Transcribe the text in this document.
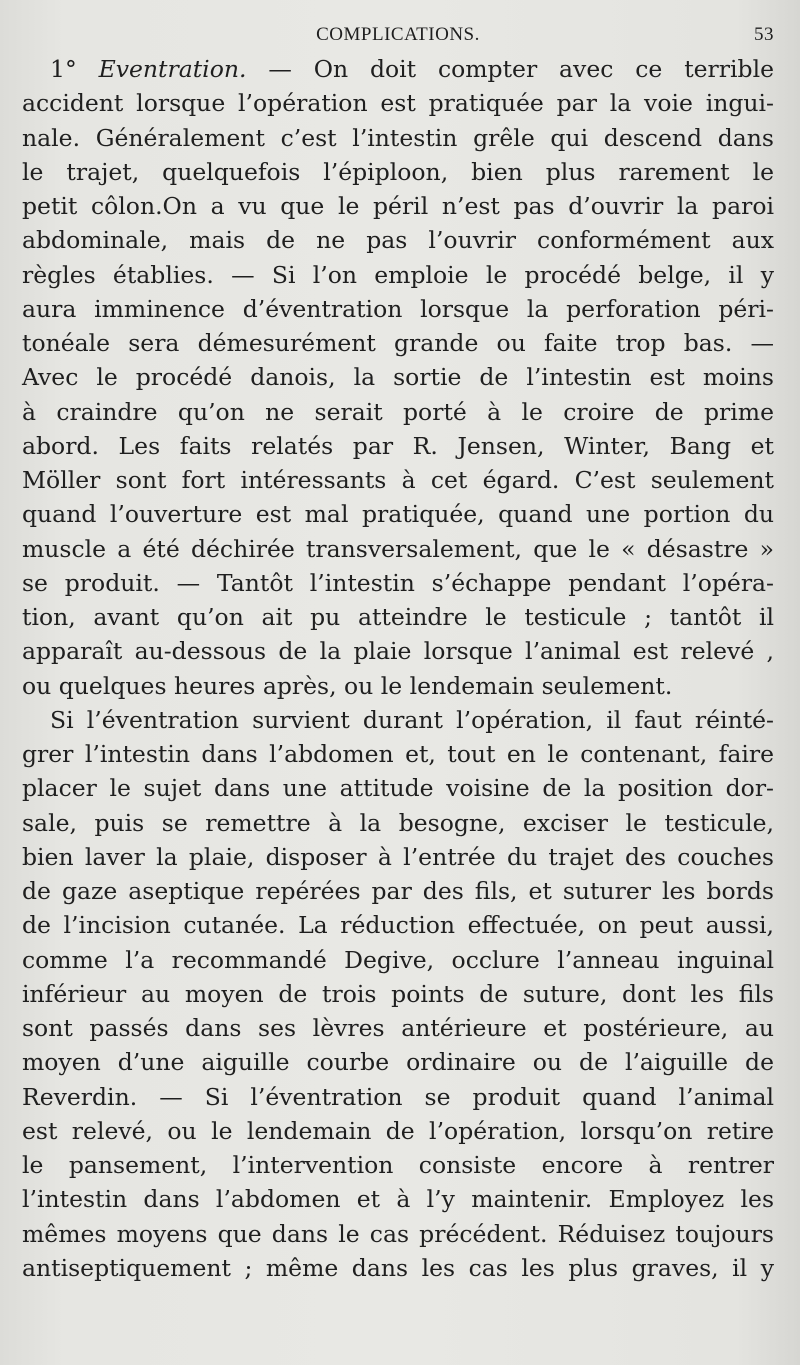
COMPLICATIONS.	53
1° Eventration. — On doit compter avec ce terrible
accident lorsque l’opération est pratiquée par la voie ingui-
nale. Généralement c’est l’intestin grêle qui descend dans
le trajet, quelquefois l’épiploon, bien plus rarement le
petit côlon.On a vu que le péril n’est pas d’ouvrir la paroi
abdominale, mais de ne pas l’ouvrir conformément aux
règles établies. — Si l’on emploie le procédé belge, il y
aura imminence d’éventration lorsque la perforation péri-
tonéale sera démesurément grande ou faite trop bas. —
Avec le procédé danois, la sortie de l’intestin est moins
à craindre qu’on ne serait porté à le croire de prime
abord. Les faits relatés par R. Jensen, Winter, Bang et
Möller sont fort intéressants à cet égard. C’est seulement
quand l’ouverture est mal pratiquée, quand une portion du
muscle a été déchirée transversalement, que le « désastre »
se produit. — Tantôt l’intestin s’échappe pendant l’opéra-
tion, avant qu’on ait pu atteindre le testicule ; tantôt il
apparaît au-dessous de la plaie lorsque l’animal est relevé ,
ou quelques heures après, ou le lendemain seulement.
Si l’éventration survient durant l’opération, il faut réinté-
grer l’intestin dans l’abdomen et, tout en le contenant, faire
placer le sujet dans une attitude voisine de la position dor-
sale, puis se remettre à la besogne, exciser le testicule,
bien laver la plaie, disposer à l’entrée du trajet des couches
de gaze aseptique repérées par des fils, et suturer les bords
de l’incision cutanée. La réduction effectuée, on peut aussi,
comme l’a recommandé Degive, occlure l’anneau inguinal
inférieur au moyen de trois points de suture, dont les fils
sont passés dans ses lèvres antérieure et postérieure, au
moyen d’une aiguille courbe ordinaire ou de l’aiguille de
Reverdin. — Si l’éventration se produit quand l’animal
est relevé, ou le lendemain de l’opération, lorsqu’on retire
le pansement, l’intervention consiste encore à rentrer
l’intestin dans l’abdomen et à l’y maintenir. Employez les
mêmes moyens que dans le cas précédent. Réduisez toujours
antiseptiquement ; même dans les cas les plus graves, il y
